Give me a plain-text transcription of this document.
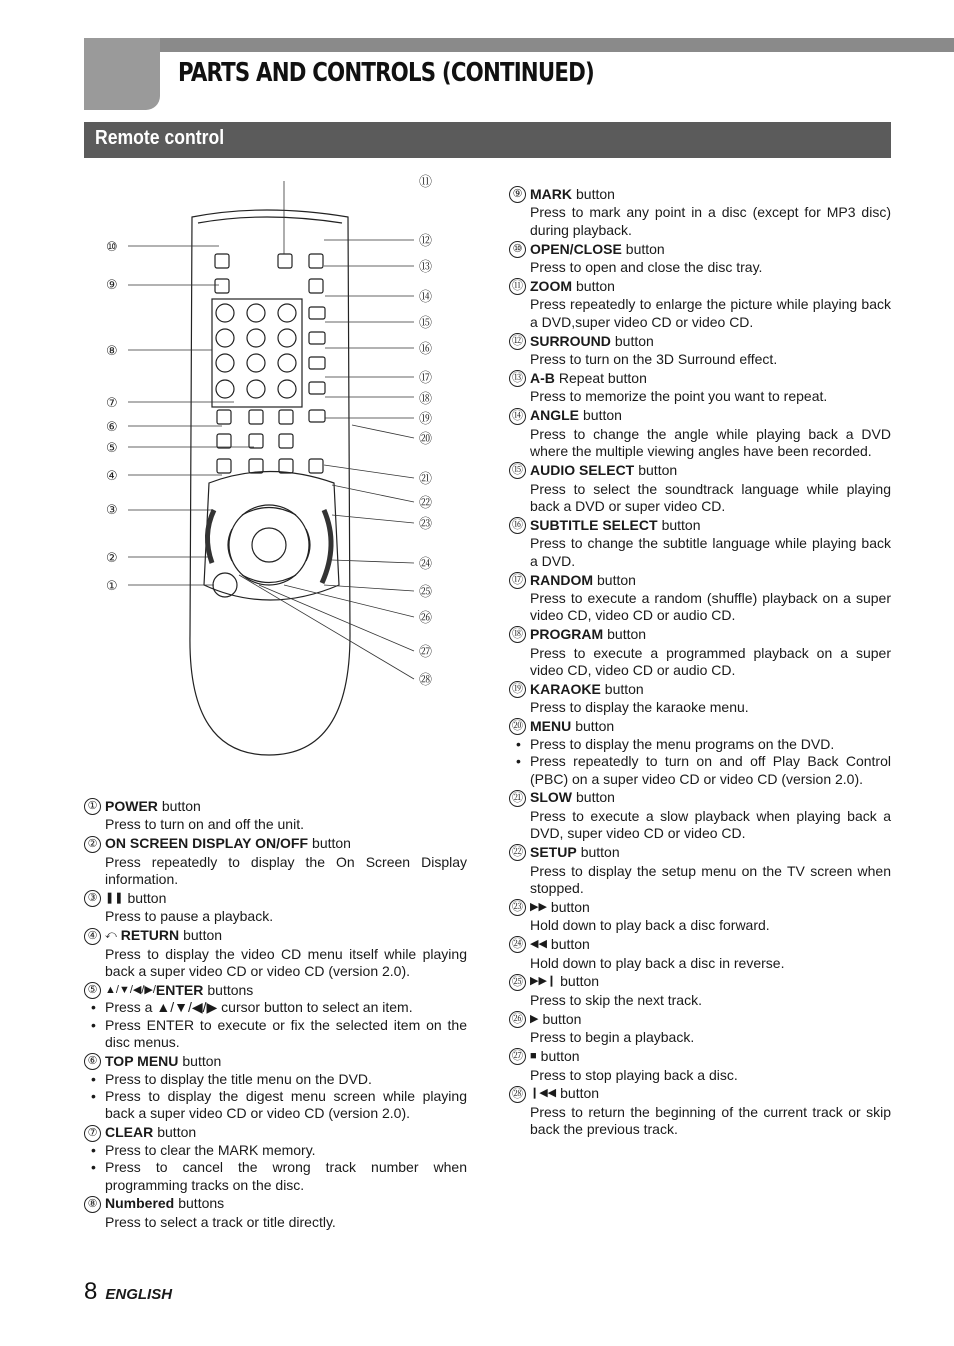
PARTS AND CONTROLS (CONTINUED)
Remote control
⑪
⑩	⑫
⑨
⑬
⑭
⑮
⑧	⑯
⑰
⑦	⑱
⑥
⑲
⑤
⑳
④	㉑
㉒
③
㉓
②	㉔
①	㉕
㉖
㉗
㉘
① POWER button
Press to turn on and off the unit.
② ON SCREEN DISPLAY ON/OFF button
Press repeatedly to display the On Screen Display information.
③ ❚❚ button
Press to pause a playback.
④ ⤺ RETURN button
Press to display the video CD menu itself while playing back a super video CD or video CD (version 2.0).
⑤ ▲/▼/◀/▶/ ENTER buttons
• Press a ▲/▼/◀/▶ cursor button to select an item.
• Press ENTER to execute or fix the selected item on the disc menus.
⑥ TOP MENU button
• Press to display the title menu on the DVD.
• Press to display the digest menu screen while playing back a super video CD or video CD (version 2.0).
⑦ CLEAR button
• Press to clear the MARK memory.
• Press to cancel the wrong track number when programming tracks on the disc.
⑧ Numbered buttons
Press to select a track or title directly.
⑨ MARK button
Press to mark any point in a disc (except for MP3 disc) during playback.
⑩ OPEN/CLOSE button
Press to open and close the disc tray.
⑪ ZOOM button
Press repeatedly to enlarge the picture while playing back a DVD,super video CD or video CD.
⑫ SURROUND button
Press to turn on the 3D Surround effect.
⑬ A-B Repeat button
Press to memorize the point you want to repeat.
⑭ ANGLE button
Press to change the angle while playing back a DVD where the multiple viewing angles have been recorded.
⑮ AUDIO SELECT button
Press to select the soundtrack language while playing back a DVD or super video CD.
⑯ SUBTITLE SELECT button
Press to change the subtitle language while playing back a DVD.
⑰ RANDOM button
Press to execute a random (shuffle) playback on a super video CD, video CD or audio CD.
⑱ PROGRAM button
Press to execute a programmed playback on a super video CD, video CD or audio CD.
⑲ KARAOKE button
Press to display the karaoke menu.
⑳ MENU button
• Press to display the menu programs on the DVD.
• Press repeatedly to turn on and off Play Back Control (PBC) on a super video CD or video CD (version 2.0).
㉑ SLOW button
Press to execute a slow playback when playing back a DVD, super video CD or video CD.
㉒ SETUP button
Press to display the setup menu on the TV screen when stopped.
㉓ ▶▶ button
Hold down to play back a disc forward.
㉔ ◀◀ button
Hold down to play back a disc in reverse.
㉕ ▶▶❙ button
Press to skip the next track.
㉖ ▶ button
Press to begin a playback.
㉗ ■ button
Press to stop playing back a disc.
㉘ ❙◀◀ button
Press to return the beginning of the current track or skip back the previous track.
8 ENGLISH
